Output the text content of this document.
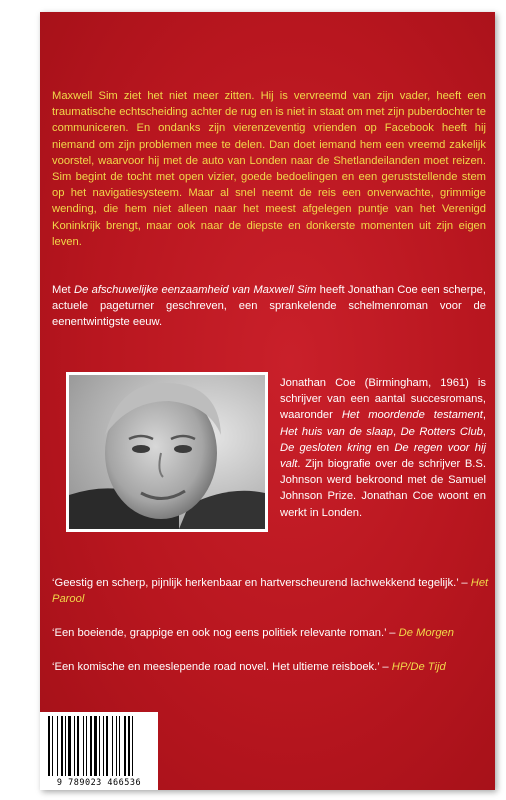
Maxwell Sim ziet het niet meer zitten. Hij is vervreemd van zijn vader, heeft een traumatische echtscheiding achter de rug en is niet in staat om met zijn puberdochter te communiceren. En ondanks zijn vierenzeventig vrienden op Facebook heeft hij niemand om zijn problemen mee te delen. Dan doet iemand hem een vreemd zakelijk voorstel, waarvoor hij met de auto van Londen naar de Shetlandeilanden moet reizen. Sim begint de tocht met open vizier, goede bedoelingen en een geruststellende stem op het navigatiesysteem. Maar al snel neemt de reis een onverwachte, grimmige wending, die hem niet alleen naar het meest afgelegen puntje van het Verenigd Koninkrijk brengt, maar ook naar de diepste en donkerste momenten uit zijn eigen leven.

Met De afschuwelijke eenzaamheid van Maxwell Sim heeft Jonathan Coe een scherpe, actuele pageturner geschreven, een sprankelende schelmenroman voor de eenentwintigste eeuw.

Jonathan Coe (Birmingham, 1961) is schrijver van een aantal succesromans, waaronder Het moordende testament, Het huis van de slaap, De Rotters Club, De gesloten kring en De regen voor hij valt. Zijn biografie over de schrijver B.S. Johnson werd bekroond met de Samuel Johnson Prize. Jonathan Coe woont en werkt in Londen.

‘Geestig en scherp, pijnlijk herkenbaar en hartverscheurend lachwekkend tegelijk.’ – Het Parool

‘Een boeiende, grappige en ook nog eens politiek relevante roman.’ – De Morgen

‘Een komische en meeslepende road novel. Het ultieme reisboek.’ – HP/De Tijd

9 789023 466536
